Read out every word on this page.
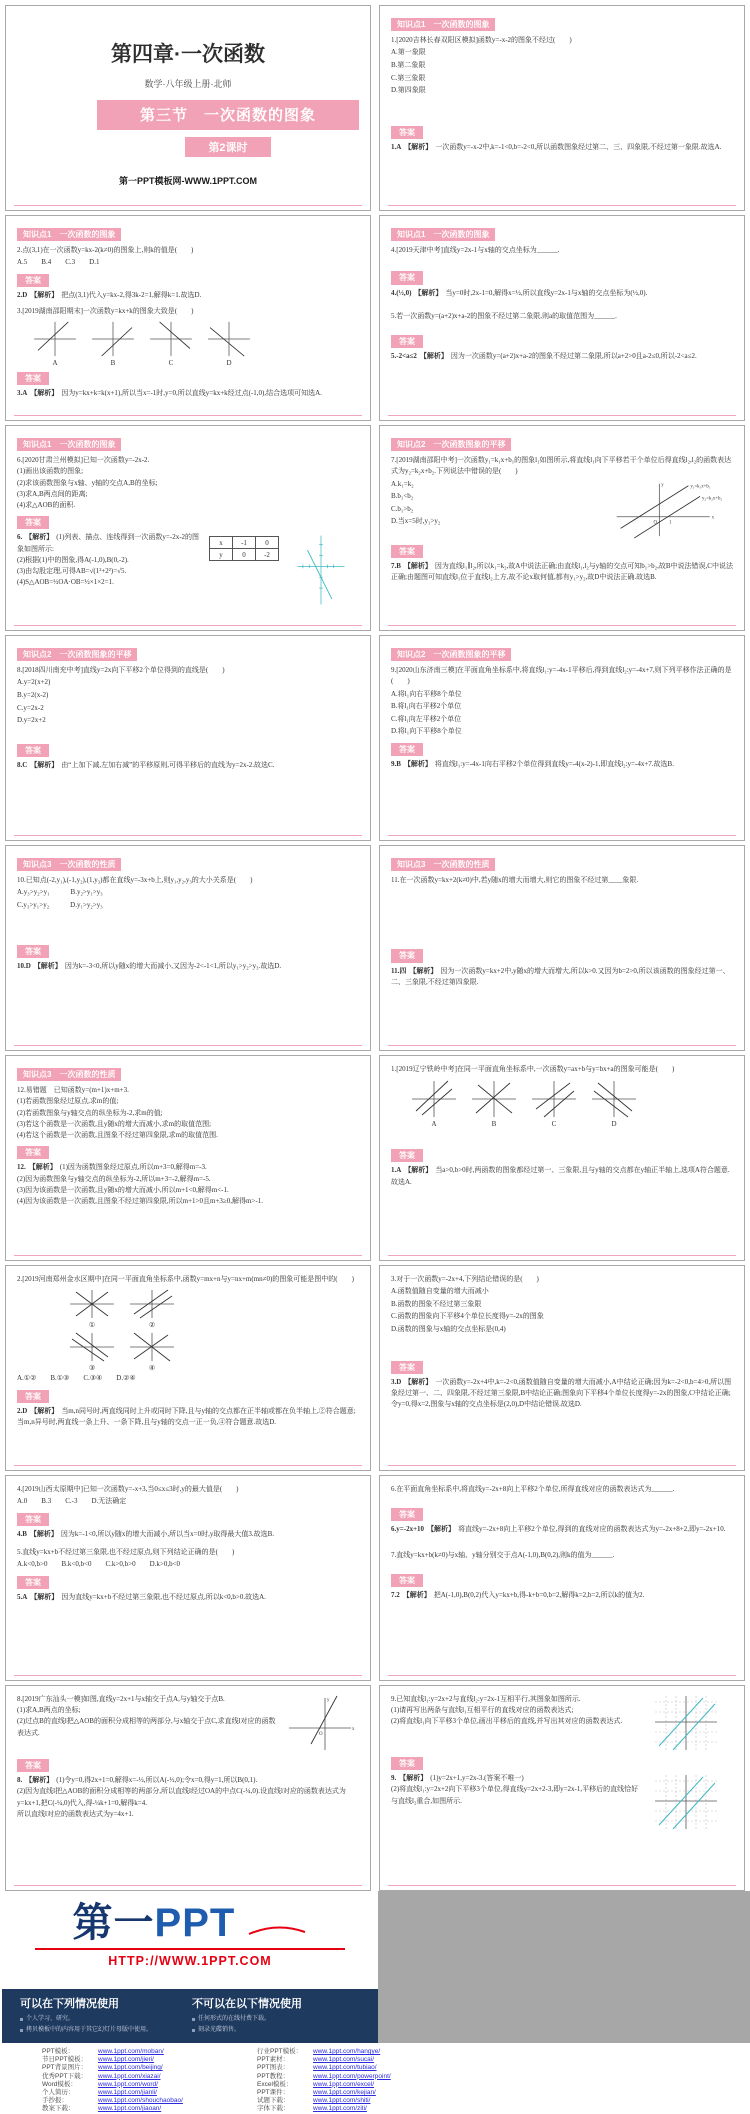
第四章·一次函数
数学·八年级上册·北师
第三节　一次函数的图象
第2课时
第一PPT模板网-WWW.1PPT.COM
知识点1　一次函数的图象
1.[2020吉林长春双阳区模拟]函数y=-x-2的图象不经过(　　)
A.第一象限
B.第二象限
C.第三象限
D.第四象限
答案
1.A 【解析】 一次函数y=-x-2中,k=-1<0,b=-2<0,所以函数图象经过第二、三、四象限,不经过第一象限.故选A.
知识点1　一次函数的图象
2.点(3,1)在一次函数y=kx-2(k≠0)的图象上,则k的值是(　　)
A.5　　B.4　　C.3　　D.1
答案
2.D 【解析】 把点(3,1)代入y=kx-2,得3k-2=1,解得k=1.故选D.
3.[2019湖南邵阳期末]一次函数y=kx+k的图象大致是(　　)
A	B	C	D
答案
3.A 【解析】 因为y=kx+k=k(x+1),所以当x=-1时,y=0,所以直线y=kx+k经过点(-1,0),结合选项可知选A.
知识点1　一次函数的图象
4.[2019天津中考]直线y=2x-1与x轴的交点坐标为______.
答案
4.(½,0) 【解析】 当y=0时,2x-1=0,解得x=½,所以直线y=2x-1与x轴的交点坐标为(½,0).
5.若一次函数y=(a+2)x+a-2的图象不经过第二象限,则a的取值范围为______.
答案
5.-2<a≤2 【解析】 因为一次函数y=(a+2)x+a-2的图象不经过第二象限,所以a+2>0且a-2≤0,所以-2<a≤2.
知识点1　一次函数的图象
6.[2020甘肃兰州模拟]已知一次函数y=-2x-2.
(1)画出该函数的图象;
(2)求该函数图象与x轴、y轴的交点A,B的坐标;
(3)求A,B两点间的距离;
(4)求△AOB的面积.
答案
6. 【解析】 (1)列表、描点、连线得到一次函数y=-2x-2的图象如图所示:
(2)根据(1)中的图象,得A(-1,0),B(0,-2).
(3)由勾股定理,可得AB=√(1²+2²)=√5.
(4)S△AOB=½OA·OB=½×1×2=1.
x	-1	0
y	0	-2
知识点2　一次函数图象的平移
7.[2019湖南邵阳中考]一次函数y₁=k₁x+b₁的图象l₁如图所示,将直线l₁向下平移若干个单位后得直线l₂,l₂的函数表达式为y₂=k₂x+b₂.下列说法中错误的是(　　)
A.k₁=k₂
B.b₁<b₂
C.b₁>b₂
D.当x=5时,y₁>y₂
y₁=k₁x+b₁
y₂=k₂x+b₂
x
y
O 1
答案
7.B 【解析】 因为直线l₁∥l₂,所以k₁=k₂,故A中说法正确;由直线l₁,l₂与y轴的交点可知b₁>b₂,故B中说法错误,C中说法正确;由题图可知直线l₁位于直线l₂上方,故不论x取何值,都有y₁>y₂,故D中说法正确.故选B.
知识点2　一次函数图象的平移
8.[2018四川南充中考]直线y=2x向下平移2个单位得到的直线是(　　)
A.y=2(x+2)
B.y=2(x-2)
C.y=2x-2
D.y=2x+2
答案
8.C 【解析】 由“上加下减,左加右减”的平移原则,可得平移后的直线为y=2x-2.故选C.
知识点2　一次函数图象的平移
9.[2020山东济南三模]在平面直角坐标系中,将直线l₁:y=-4x-1平移后,得到直线l₂:y=-4x+7,则下列平移作法正确的是(　　)
A.将l₁向右平移8个单位
B.将l₁向右平移2个单位
C.将l₁向左平移2个单位
D.将l₁向下平移8个单位
答案
9.B 【解析】 将直线l₁:y=-4x-1向右平移2个单位得到直线y=-4(x-2)-1,即直线l₂:y=-4x+7.故选B.
知识点3　一次函数的性质
10.已知点(-2,y₁),(-1,y₂),(1,y₃)都在直线y=-3x+b上,则y₁,y₂,y₃的大小关系是(　　)
A.y₃>y₂>y₁　　　B.y₂>y₁>y₃
C.y₃>y₁>y₂　　　D.y₁>y₂>y₃
答案
10.D 【解析】 因为k=-3<0,所以y随x的增大而减小,又因为-2<-1<1,所以y₁>y₂>y₃.故选D.
知识点3　一次函数的性质
11.在一次函数y=kx+2(k≠0)中,若y随x的增大而增大,则它的图象不经过第____象限.
答案
11.四 【解析】 因为一次函数y=kx+2中,y随x的增大而增大,所以k>0.又因为b=2>0,所以该函数的图象经过第一、二、三象限,不经过第四象限.
知识点3　一次函数的性质
12.易错题　已知函数y=(m+1)x+m+3.
(1)若函数图象经过原点,求m的值;
(2)若函数图象与y轴交点的纵坐标为-2,求m的值;
(3)若这个函数是一次函数,且y随x的增大而减小,求m的取值范围;
(4)若这个函数是一次函数,且图象不经过第四象限,求m的取值范围.
答案
12. 【解析】 (1)因为函数图象经过原点,所以m+3=0,解得m=-3.
(2)因为函数图象与y轴交点的纵坐标为-2,所以m+3=-2,解得m=-5.
(3)因为该函数是一次函数,且y随x的增大而减小,所以m+1<0,解得m<-1.
(4)因为该函数是一次函数,且图象不经过第四象限,所以m+1>0且m+3≥0,解得m>-1.
1.[2019辽宁铁岭中考]在同一平面直角坐标系中,一次函数y=ax+b与y=bx+a的图象可能是(　　)
A	B	C	D
答案
1.A 【解析】 当a>0,b>0时,两函数的图象都经过第一、三象限,且与y轴的交点都在y轴正半轴上,选项A符合题意.故选A.
2.[2019河南郑州金水区期中]在同一平面直角坐标系中,函数y=mx+n与y=nx+m(mn≠0)的图象可能是图中的(　　)
①	②
③	④
A.①②　　B.①③　　C.③④　　D.②④
答案
2.D 【解析】 当m,n同号时,两直线同时上升或同时下降,且与y轴的交点都在正半轴或都在负半轴上,②符合题意;当m,n异号时,两直线一条上升、一条下降,且与y轴的交点一正一负,④符合题意.故选D.
3.对于一次函数y=-2x+4,下列结论错误的是(　　)
A.函数值随自变量的增大而减小
B.函数的图象不经过第三象限
C.函数的图象向下平移4个单位长度得y=-2x的图象
D.函数的图象与x轴的交点坐标是(0,4)
答案
3.D 【解析】 一次函数y=-2x+4中,k=-2<0,函数值随自变量的增大而减小,A中结论正确;因为k=-2<0,b=4>0,所以图象经过第一、二、四象限,不经过第三象限,B中结论正确;图象向下平移4个单位长度得y=-2x的图象,C中结论正确;令y=0,得x=2,图象与x轴的交点坐标是(2,0),D中结论错误.故选D.
4.[2019山西太原期中]已知一次函数y=-x+3,当0≤x≤3时,y的最大值是(　　)
A.0　　B.3　　C.-3　　D.无法确定
答案
4.B 【解析】 因为k=-1<0,所以y随x的增大而减小,所以当x=0时,y取得最大值3.故选B.
5.直线y=kx+b不经过第三象限,也不经过原点,则下列结论正确的是(　　)
A.k<0,b>0　　B.k<0,b<0　　C.k>0,b>0　　D.k>0,b<0
答案
5.A 【解析】 因为直线y=kx+b不经过第三象限,也不经过原点,所以k<0,b>0.故选A.
6.在平面直角坐标系中,将直线y=-2x+8向上平移2个单位,所得直线对应的函数表达式为______.
答案
6.y=-2x+10 【解析】 将直线y=-2x+8向上平移2个单位,得到的直线对应的函数表达式为y=-2x+8+2,即y=-2x+10.
7.直线y=kx+b(k≠0)与x轴、y轴分别交于点A(-1,0),B(0,2),则k的值为______.
答案
7.2 【解析】 把A(-1,0),B(0,2)代入y=kx+b,得-k+b=0,b=2,解得k=2,b=2,所以k的值为2.
8.[2019广东汕头一模]如图,直线y=2x+1与x轴交于点A,与y轴交于点B.
(1)求A,B两点的坐标;
(2)过点B的直线l把△AOB的面积分成相等的两部分,与x轴交于点C,求直线l对应的函数表达式.	x
y
O
答案
8. 【解析】 (1)令y=0,得2x+1=0,解得x=-½,所以A(-½,0);令x=0,得y=1,所以B(0,1).
(2)因为直线l把△AOB的面积分成相等的两部分,所以直线l经过OA的中点C(-¼,0).设直线l对应的函数表达式为y=kx+1,把C(-¼,0)代入,得-¼k+1=0,解得k=4.
所以直线l对应的函数表达式为y=4x+1.
9.已知直线l₁:y=2x+2与直线l₂:y=2x-1互相平行,其图象如图所示.
(1)请再写出两条与直线l₁互相平行的直线对应的函数表达式;
(2)将直线l₁向下平移3个单位,画出平移后的直线,并写出其对应的函数表达式.
答案
9. 【解析】 (1)y=2x+1,y=2x-3.(答案不唯一)
(2)将直线l₁:y=2x+2向下平移3个单位,得直线y=2x+2-3,即y=2x-1,平移后的直线恰好与直线l₂重合,如图所示.
第一PPT
HTTP://WWW.1PPT.COM
可以在下列情况使用
个人学习、研究。
拷贝模板中的内容用于其它幻灯片母版中使用。
不可以在以下情况使用
任何形式的在线付费下载。
刻录光碟销售。
PPT模板：	www.1ppt.com/moban/
节日PPT模板： www.1ppt.com/jieri/
PPT背景图片： www.1ppt.com/beijing/
优秀PPT下载： www.1ppt.com/xiazai/
Word模板：	www.1ppt.com/word/
个人简历：	www.1ppt.com/jianli/
手抄报：	www.1ppt.com/shouchaobao/
教案下载：	www.1ppt.com/jiaoan/
行业PPT模板： www.1ppt.com/hangye/
PPT素材：	www.1ppt.com/sucai/
PPT图表：	www.1ppt.com/tubiao/
PPT教程：	www.1ppt.com/powerpoint/
Excel模板：	www.1ppt.com/excel/
PPT课件：	www.1ppt.com/kejian/
试题下载：	www.1ppt.com/shiti/
字体下载：	www.1ppt.com/ziti/
